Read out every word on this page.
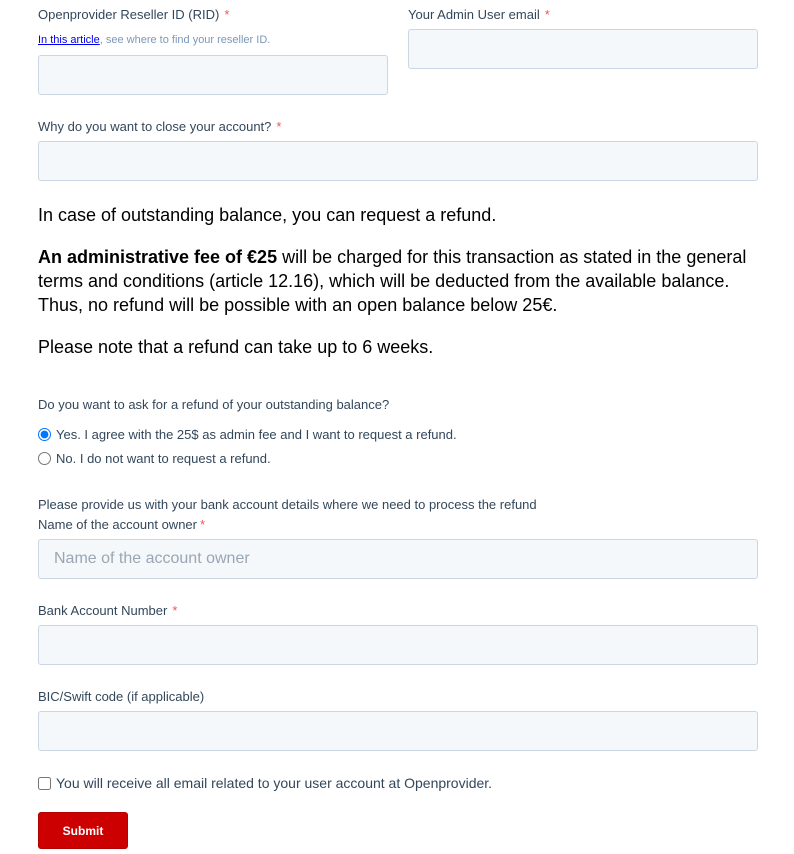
Openprovider Reseller ID (RID) *
In this article, see where to find your reseller ID.
Your Admin User email *
Why do you want to close your account? *
In case of outstanding balance, you can request a refund.
An administrative fee of €25 will be charged for this transaction as stated in the general terms and conditions (article 12.16), which will be deducted from the available balance. Thus, no refund will be possible with an open balance below 25€.
Please note that a refund can take up to 6 weeks.
Do you want to ask for a refund of your outstanding balance?
Yes. I agree with the 25$ as admin fee and I want to request a refund.
No. I do not want to request a refund.
Please provide us with your bank account details where we need to process the refund
Name of the account owner *
Name of the account owner
Bank Account Number *
BIC/Swift code (if applicable)
You will receive all email related to your user account at Openprovider.
Submit
